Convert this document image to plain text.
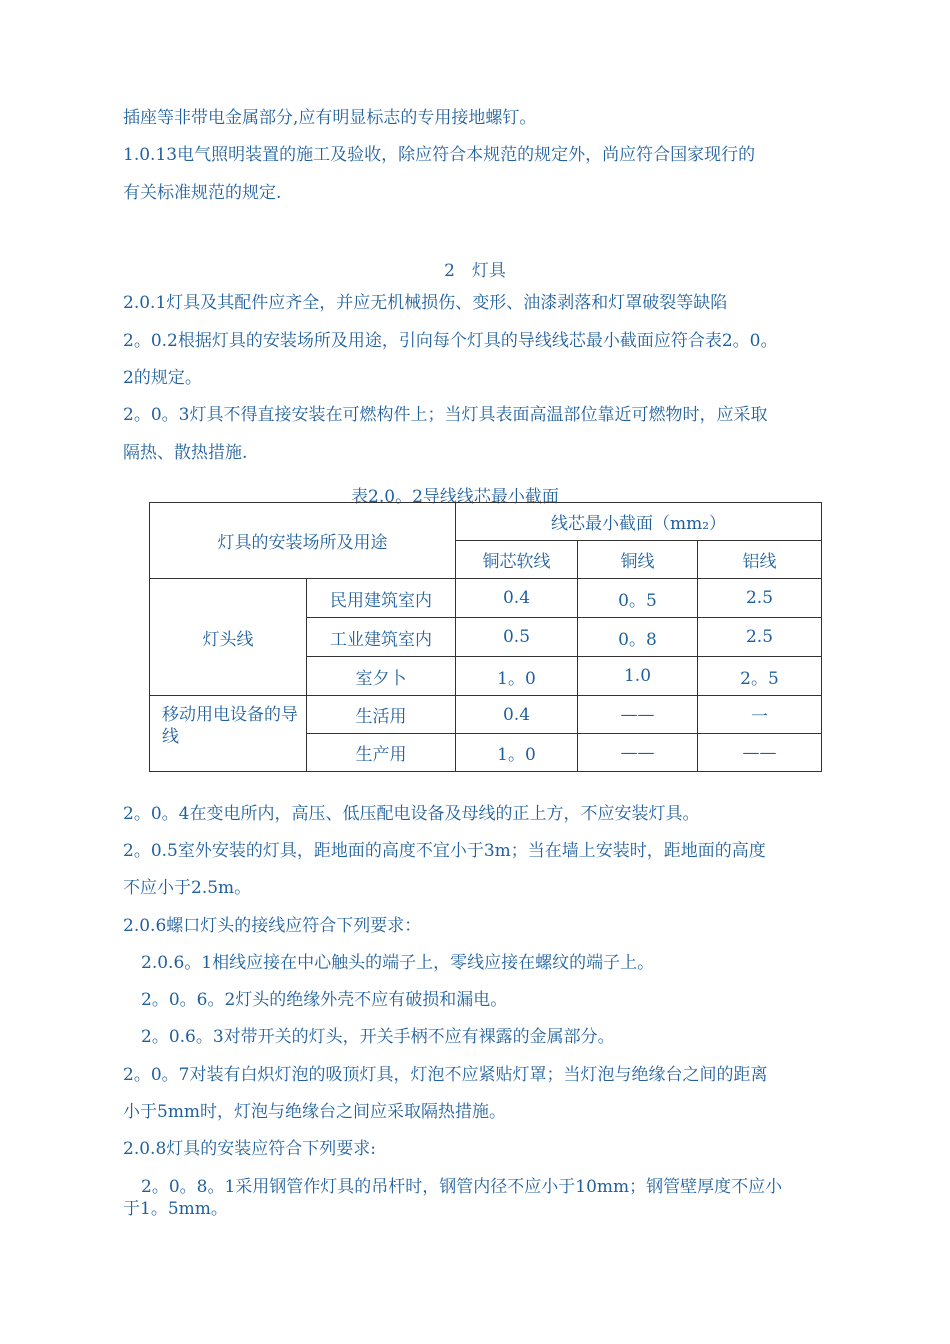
插座等非带电金属部分,应有明显标志的专用接地螺钉。
1.0.13电气照明装置的施工及验收，除应符合本规范的规定外，尚应符合国家现行的
有关标准规范的规定.
2　灯具
2.0.1灯具及其配件应齐全，并应无机械损伤、变形、油漆剥落和灯罩破裂等缺陷
2。0.2根据灯具的安装场所及用途，引向每个灯具的导线线芯最小截面应符合表2。0。
2的规定。
2。0。3灯具不得直接安装在可燃构件上；当灯具表面高温部位靠近可燃物时，应采取
隔热、散热措施.
表2.0。2导线线芯最小截面
灯具的安装场所及用途		线芯最小截面（mm₂）		
		铜芯软线	铜线	铝线
灯头线	民用建筑室内	0.4	0。5	2.5
	工业建筑室内	0.5	0。8	2.5
	室夕卜	1。0	1.0	2。5

移动用电设备的导线	生活用	0.4	——	一
	生产用	1。0	——	——
2。0。4在变电所内，高压、低压配电设备及母线的正上方，不应安装灯具。
2。0.5室外安装的灯具，距地面的高度不宜小于3m；当在墙上安装时，距地面的高度
不应小于2.5m。
2.0.6螺口灯头的接线应符合下列要求：
2.0.6。1相线应接在中心触头的端子上，零线应接在螺纹的端子上。
2。0。6。2灯头的绝缘外壳不应有破损和漏电。
2。0.6。3对带开关的灯头，开关手柄不应有裸露的金属部分。
2。0。7对装有白炽灯泡的吸顶灯具，灯泡不应紧贴灯罩；当灯泡与绝缘台之间的距离
小于5mm时，灯泡与绝缘台之间应采取隔热措施。
2.0.8灯具的安装应符合下列要求:
2。0。8。1采用钢管作灯具的吊杆时，钢管内径不应小于10mm；钢管壁厚度不应小
于1。5mm。
